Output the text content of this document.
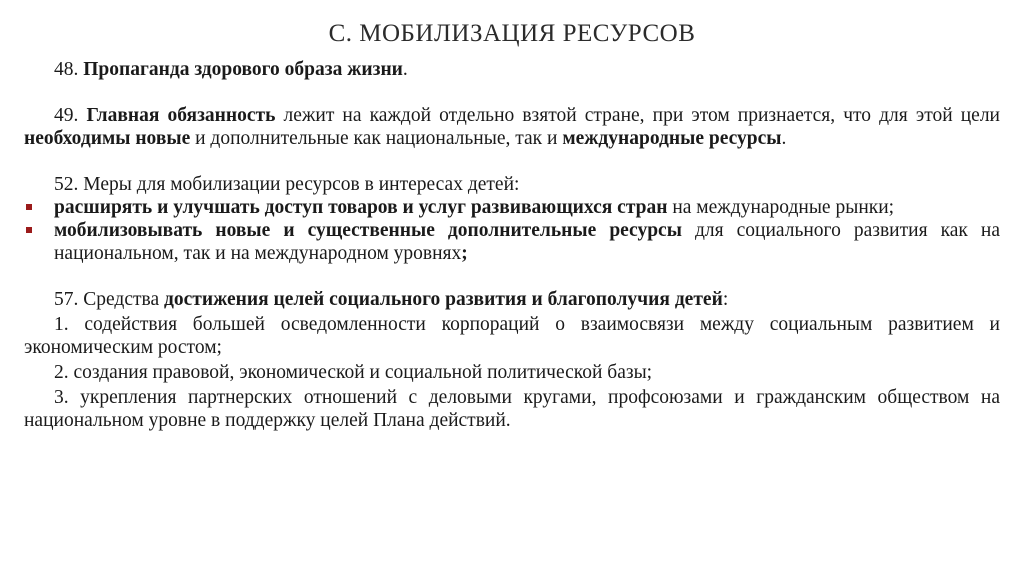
С. МОБИЛИЗАЦИЯ РЕСУРСОВ
48. Пропаганда здорового образа жизни.
49. Главная обязанность лежит на каждой отдельно взятой стране, при этом признается, что для этой цели необходимы новые и дополнительные как национальные, так и международные ресурсы.
52. Меры для мобилизации ресурсов в интересах детей:
расширять и улучшать доступ товаров и услуг развивающихся стран на международные рынки;
мобилизовывать новые и существенные дополнительные ресурсы для социального развития как на национальном, так и на международном уровнях;
57. Средства достижения целей социального развития и благополучия детей:
1. содействия большей осведомленности корпораций о взаимосвязи между социальным развитием и экономическим ростом;
2. создания правовой, экономической и социальной политической базы;
3. укрепления партнерских отношений с деловыми кругами, профсоюзами и гражданским обществом на национальном уровне в поддержку целей Плана действий.
